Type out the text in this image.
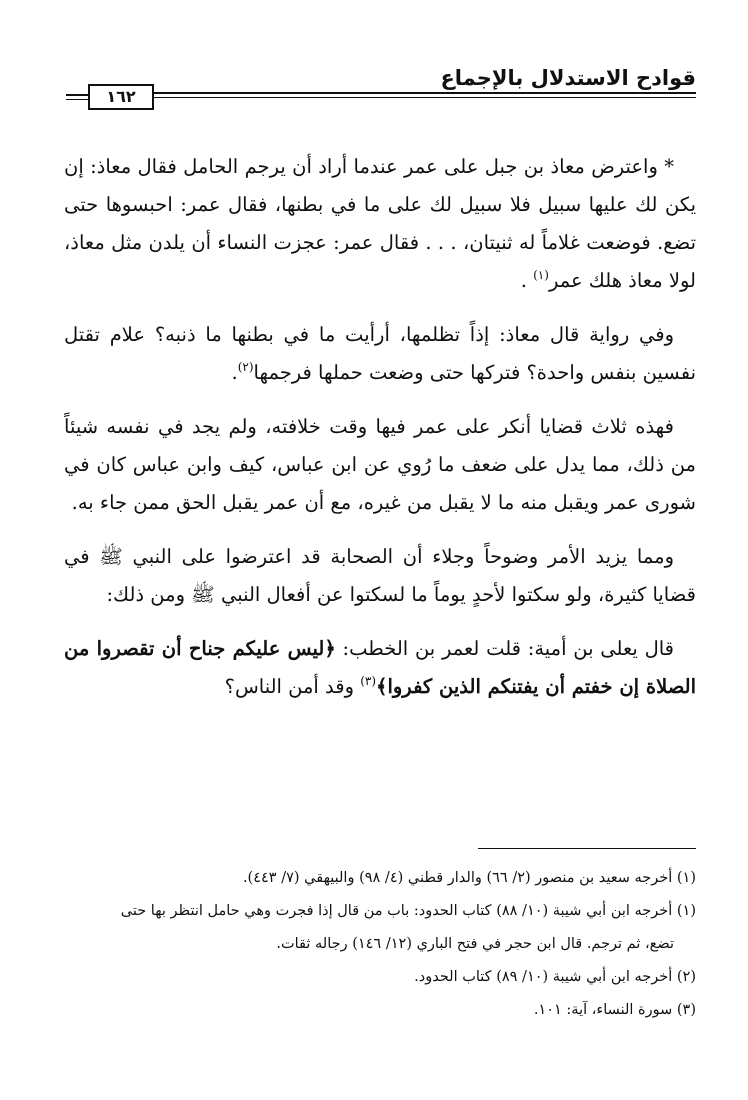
قوادح الاستدلال بالإجماع
١٦٢

* واعترض معاذ بن جبل على عمر عندما أراد أن يرجم الحامل فقال معاذ: إن يكن لك عليها سبيل فلا سبيل لك على ما في بطنها، فقال عمر: احبسوها حتى تضع. فوضعت غلاماً له ثنيتان، . . . فقال عمر: عجزت النساء أن يلدن مثل معاذ، لولا معاذ هلك عمر$^{(١)}$ .

وفي رواية قال معاذ: إذاً تظلمها، أرأيت ما في بطنها ما ذنبه؟ علام تقتل نفسين بنفس واحدة؟ فتركها حتى وضعت حملها فرجمها$^{(٢)}$.

فهذه ثلاث قضايا أنكر على عمر فيها وقت خلافته، ولم يجد في نفسه شيئاً من ذلك، مما يدل على ضعف ما رُوي عن ابن عباس، كيف وابن عباس كان في شورى عمر ويقبل منه ما لا يقبل من غيره، مع أن عمر يقبل الحق ممن جاء به.

ومما يزيد الأمر وضوحاً وجلاء أن الصحابة قد اعترضوا على النبي ﷺ في قضايا كثيرة، ولو سكتوا لأحدٍ يوماً ما لسكتوا عن أفعال النبي ﷺ ومن ذلك:

قال يعلى بن أمية: قلت لعمر بن الخطب: ﴿ليس عليكم جناح أن تقصروا من الصلاة إن خفتم أن يفتنكم الذين كفروا﴾$^{(٣)}$ وقد أمن الناس؟

(١) أخرجه سعيد بن منصور (٢/ ٦٦) والدار قطني (٤/ ٩٨) والبيهقي (٧/ ٤٤٣).

(١) أخرجه ابن أبي شيبة (١٠/ ٨٨) كتاب الحدود: باب من قال إذا فجرت وهي حامل انتظر بها حتى

تضع، ثم ترجم. قال ابن حجر في فتح الباري (١٢/ ١٤٦) رجاله ثقات.

(٢) أخرجه ابن أبي شيبة (١٠/ ٨٩) كتاب الحدود.

(٣) سورة النساء، آية: ١٠١.
